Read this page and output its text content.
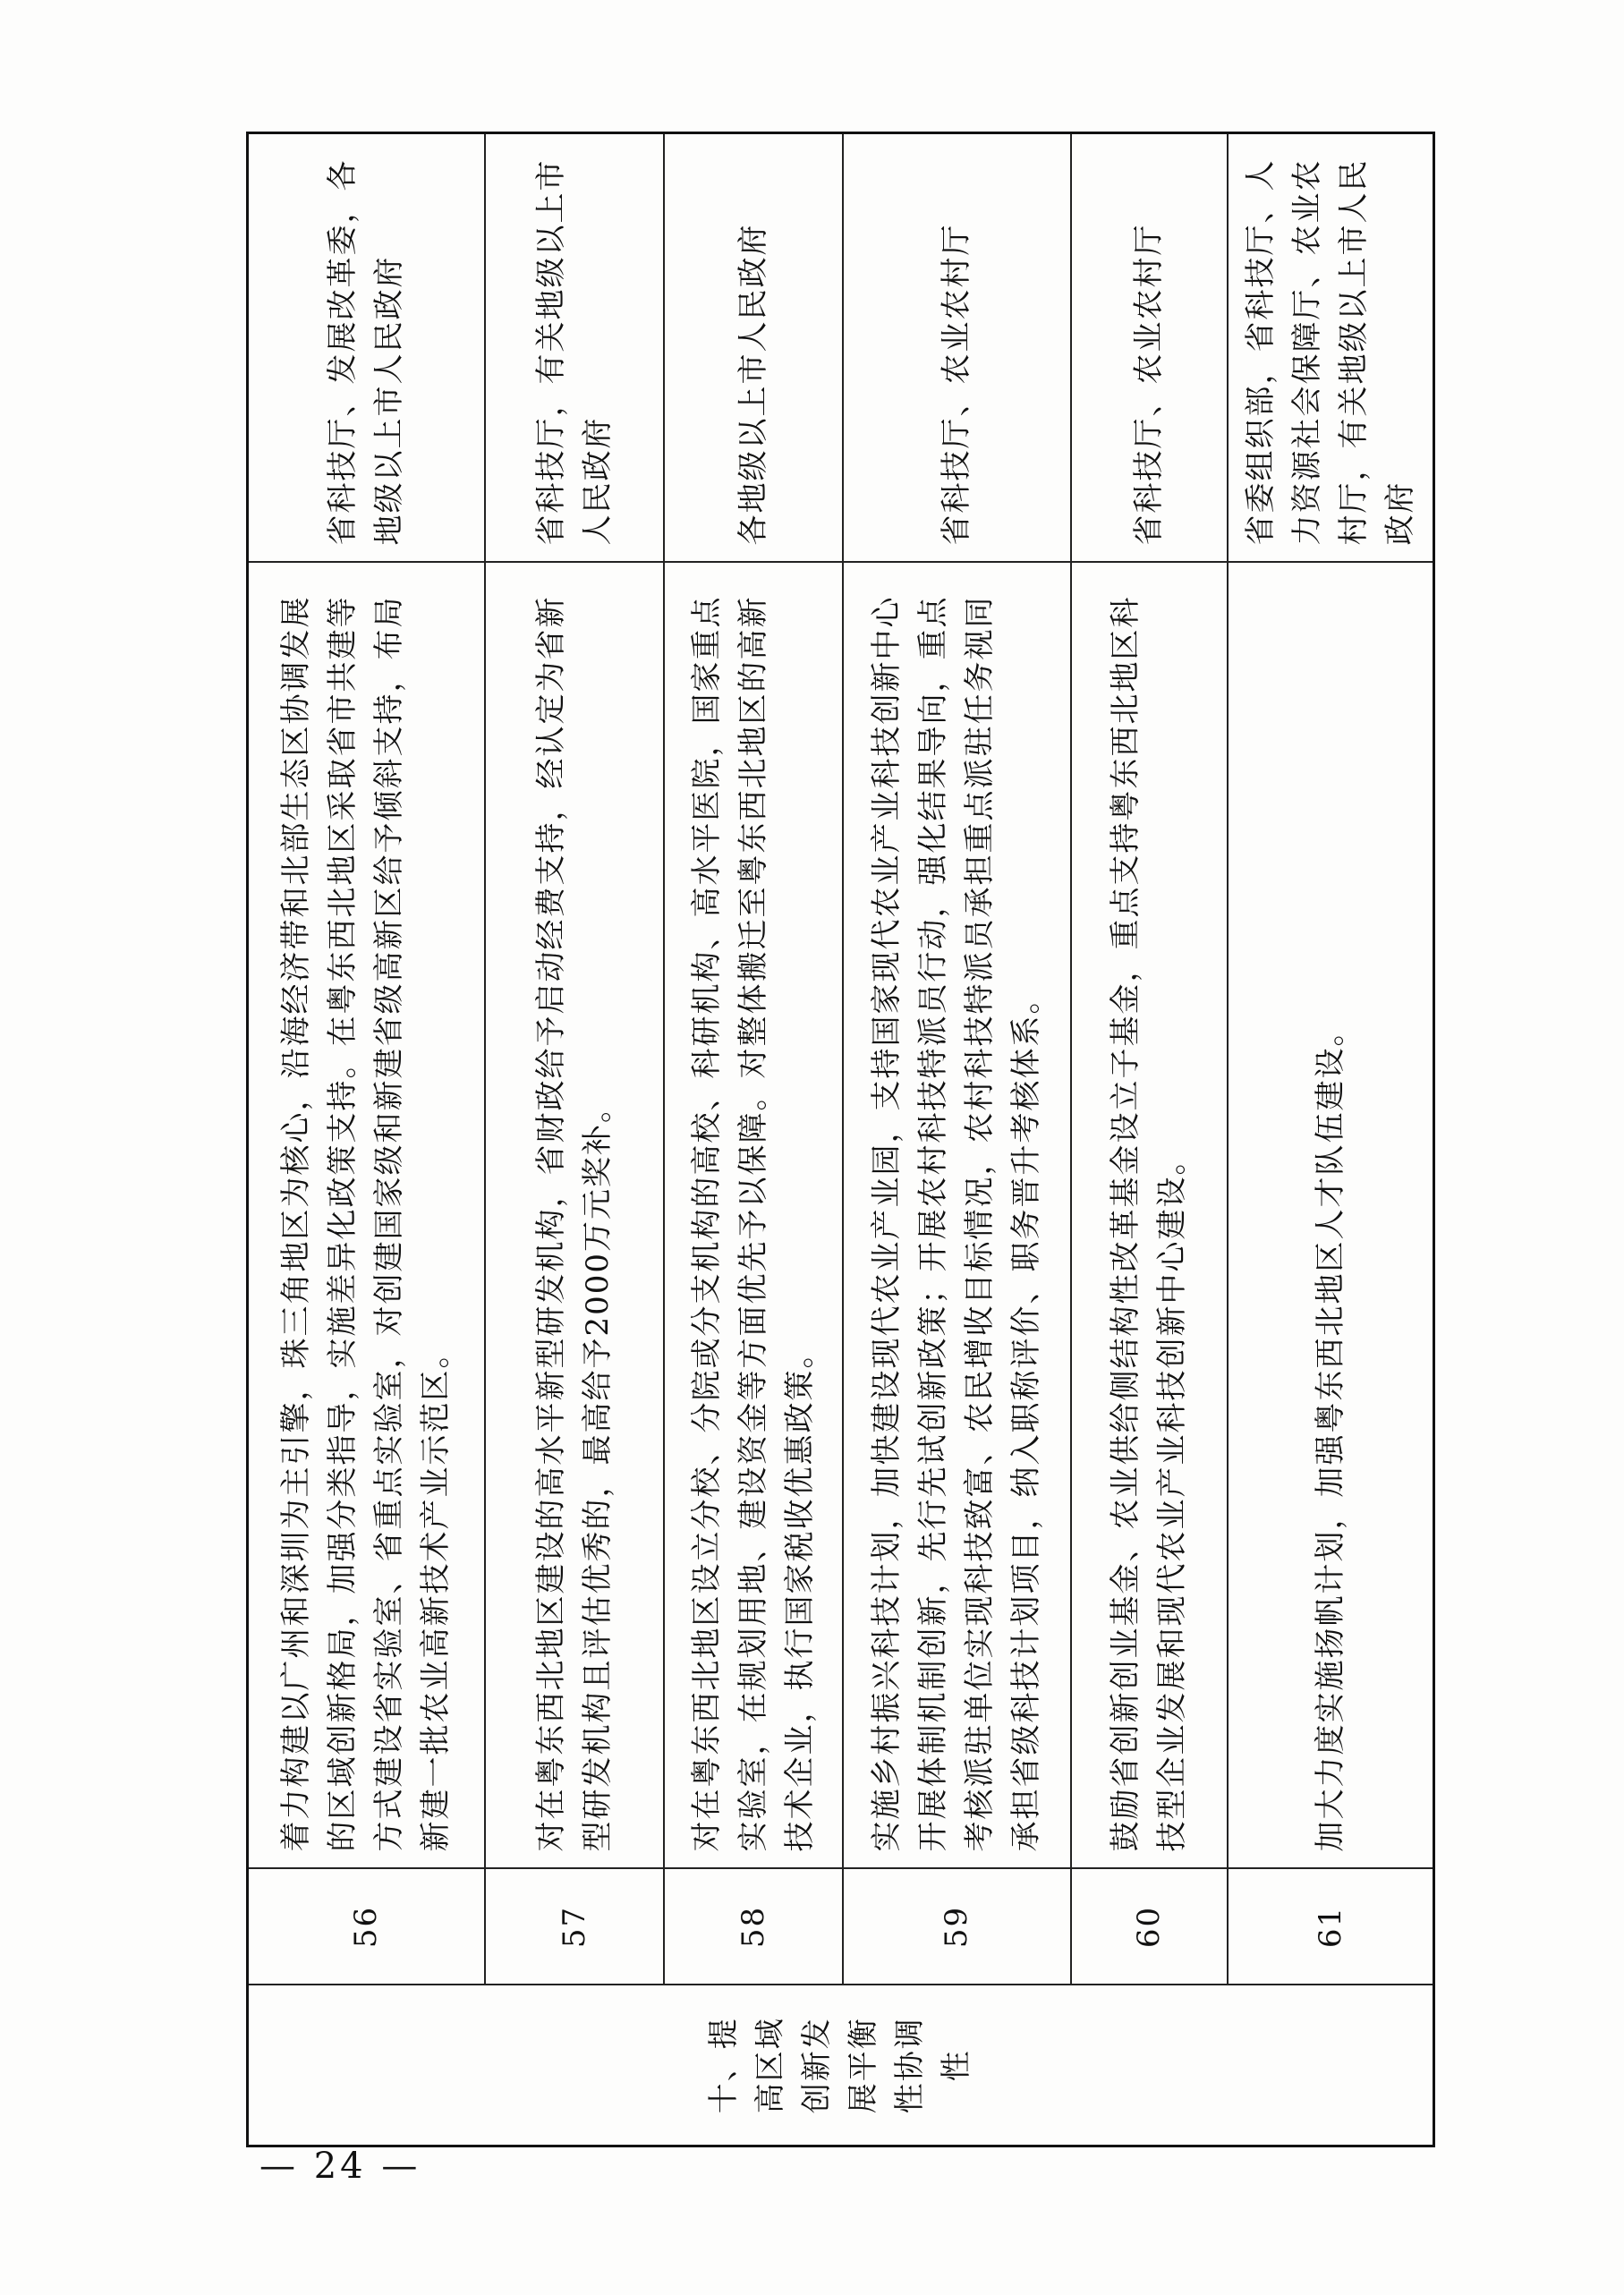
十、提高区域创新发展平衡性协调性	56	着力构建以广州和深圳为主引擎，珠三角地区为核心，沿海经济带和北部生态区协调发展的区域创新格局，加强分类指导，实施差异化政策支持。在粤东西北地区采取省市共建等方式建设省实验室、省重点实验室，对创建国家级和新建省级高新区给予倾斜支持，布局新建一批农业高新技术产业示范区。	省科技厅、发展改革委，各地级以上市人民政府
	57	对在粤东西北地区建设的高水平新型研发机构，省财政给予启动经费支持，经认定为省新型研发机构且评估优秀的，最高给予2000万元奖补。	省科技厅，有关地级以上市人民政府
	58	对在粤东西北地区设立分校、分院或分支机构的高校、科研机构、高水平医院，国家重点实验室，在规划用地、建设资金等方面优先予以保障。对整体搬迁至粤东西北地区的高新技术企业，执行国家税收优惠政策。	各地级以上市人民政府
	59	实施乡村振兴科技计划，加快建设现代农业产业园，支持国家现代农业产业科技创新中心开展体制机制创新，先行先试创新政策；开展农村科技特派员行动，强化结果导向，重点考核派驻单位实现科技致富、农民增收目标情况，农村科技特派员承担重点派驻任务视同承担省级科技计划项目，纳入职称评价、职务晋升考核体系。	省科技厅、农业农村厅
	60	鼓励省创新创业基金、农业供给侧结构性改革基金设立子基金，重点支持粤东西北地区科技型企业发展和现代农业产业科技创新中心建设。	省科技厅、农业农村厅
	61	加大力度实施扬帆计划，加强粤东西北地区人才队伍建设。	省委组织部，省科技厅、人力资源社会保障厅、农业农村厅，有关地级以上市人民政府
— 24 —
